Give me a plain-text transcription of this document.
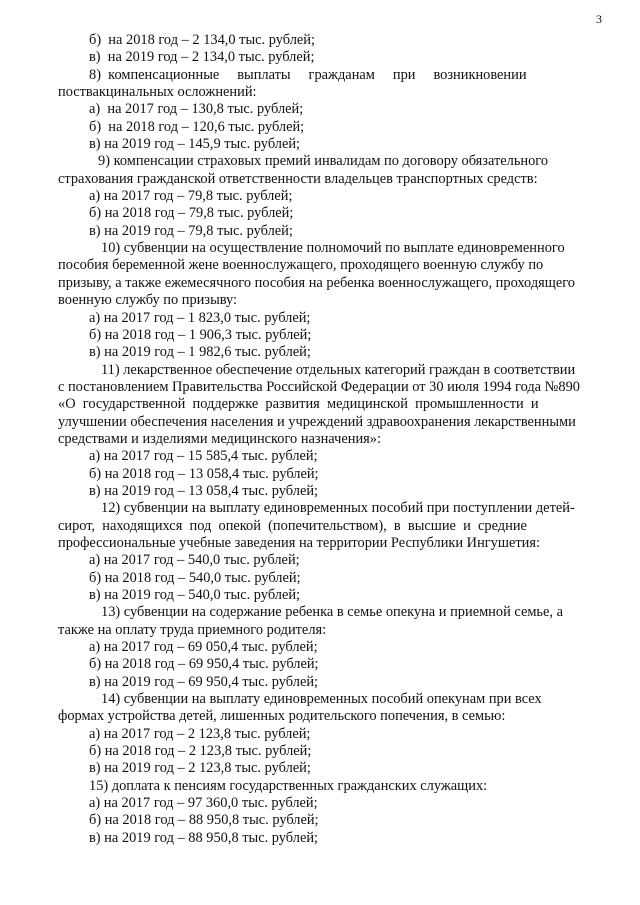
3
б)  на 2018 год – 2 134,0 тыс. рублей;
в)  на 2019 год – 2 134,0 тыс. рублей;
8)  компенсационные     выплаты     гражданам     при     возникновении
поствакцинальных осложнений:
а)  на 2017 год – 130,8 тыс. рублей;
б)  на 2018 год – 120,6 тыс. рублей;
в) на 2019 год – 145,9 тыс. рублей;
9) компенсации страховых премий инвалидам по договору обязательного
страхования гражданской ответственности владельцев транспортных средств:
а) на 2017 год – 79,8 тыс. рублей;
б) на 2018 год – 79,8 тыс. рублей;
в) на 2019 год – 79,8 тыс. рублей;
10) субвенции на осуществление полномочий по выплате единовременного
пособия беременной жене военнослужащего, проходящего военную службу по
призыву, а также ежемесячного пособия на ребенка военнослужащего, проходящего
военную службу по призыву:
а) на 2017 год – 1 823,0 тыс. рублей;
б) на 2018 год – 1 906,3 тыс. рублей;
в) на 2019 год – 1 982,6 тыс. рублей;
11) лекарственное обеспечение отдельных категорий граждан в соответствии
с постановлением Правительства Российской Федерации от 30 июля 1994 года №890
«О  государственной  поддержке  развития  медицинской  промышленности  и
улучшении обеспечения населения и учреждений здравоохранения лекарственными
средствами и изделиями медицинского назначения»:
а) на 2017 год – 15 585,4 тыс. рублей;
б) на 2018 год – 13 058,4 тыс. рублей;
в) на 2019 год – 13 058,4 тыс. рублей;
12) субвенции на выплату единовременных пособий при поступлении детей-
сирот,  находящихся  под  опекой  (попечительством),  в  высшие  и  средние
профессиональные учебные заведения на территории Республики Ингушетия:
а) на 2017 год – 540,0 тыс. рублей;
б) на 2018 год – 540,0 тыс. рублей;
в) на 2019 год – 540,0 тыс. рублей;
13) субвенции на содержание ребенка в семье опекуна и приемной семье, а
также на оплату труда приемного родителя:
а) на 2017 год – 69 050,4 тыс. рублей;
б) на 2018 год – 69 950,4 тыс. рублей;
в) на 2019 год – 69 950,4 тыс. рублей;
14) субвенции на выплату единовременных пособий опекунам при всех
формах устройства детей, лишенных родительского попечения, в семью:
а) на 2017 год – 2 123,8 тыс. рублей;
б) на 2018 год – 2 123,8 тыс. рублей;
в) на 2019 год – 2 123,8 тыс. рублей;
15) доплата к пенсиям государственных гражданских служащих:
а) на 2017 год – 97 360,0 тыс. рублей;
б) на 2018 год – 88 950,8 тыс. рублей;
в) на 2019 год – 88 950,8 тыс. рублей;
